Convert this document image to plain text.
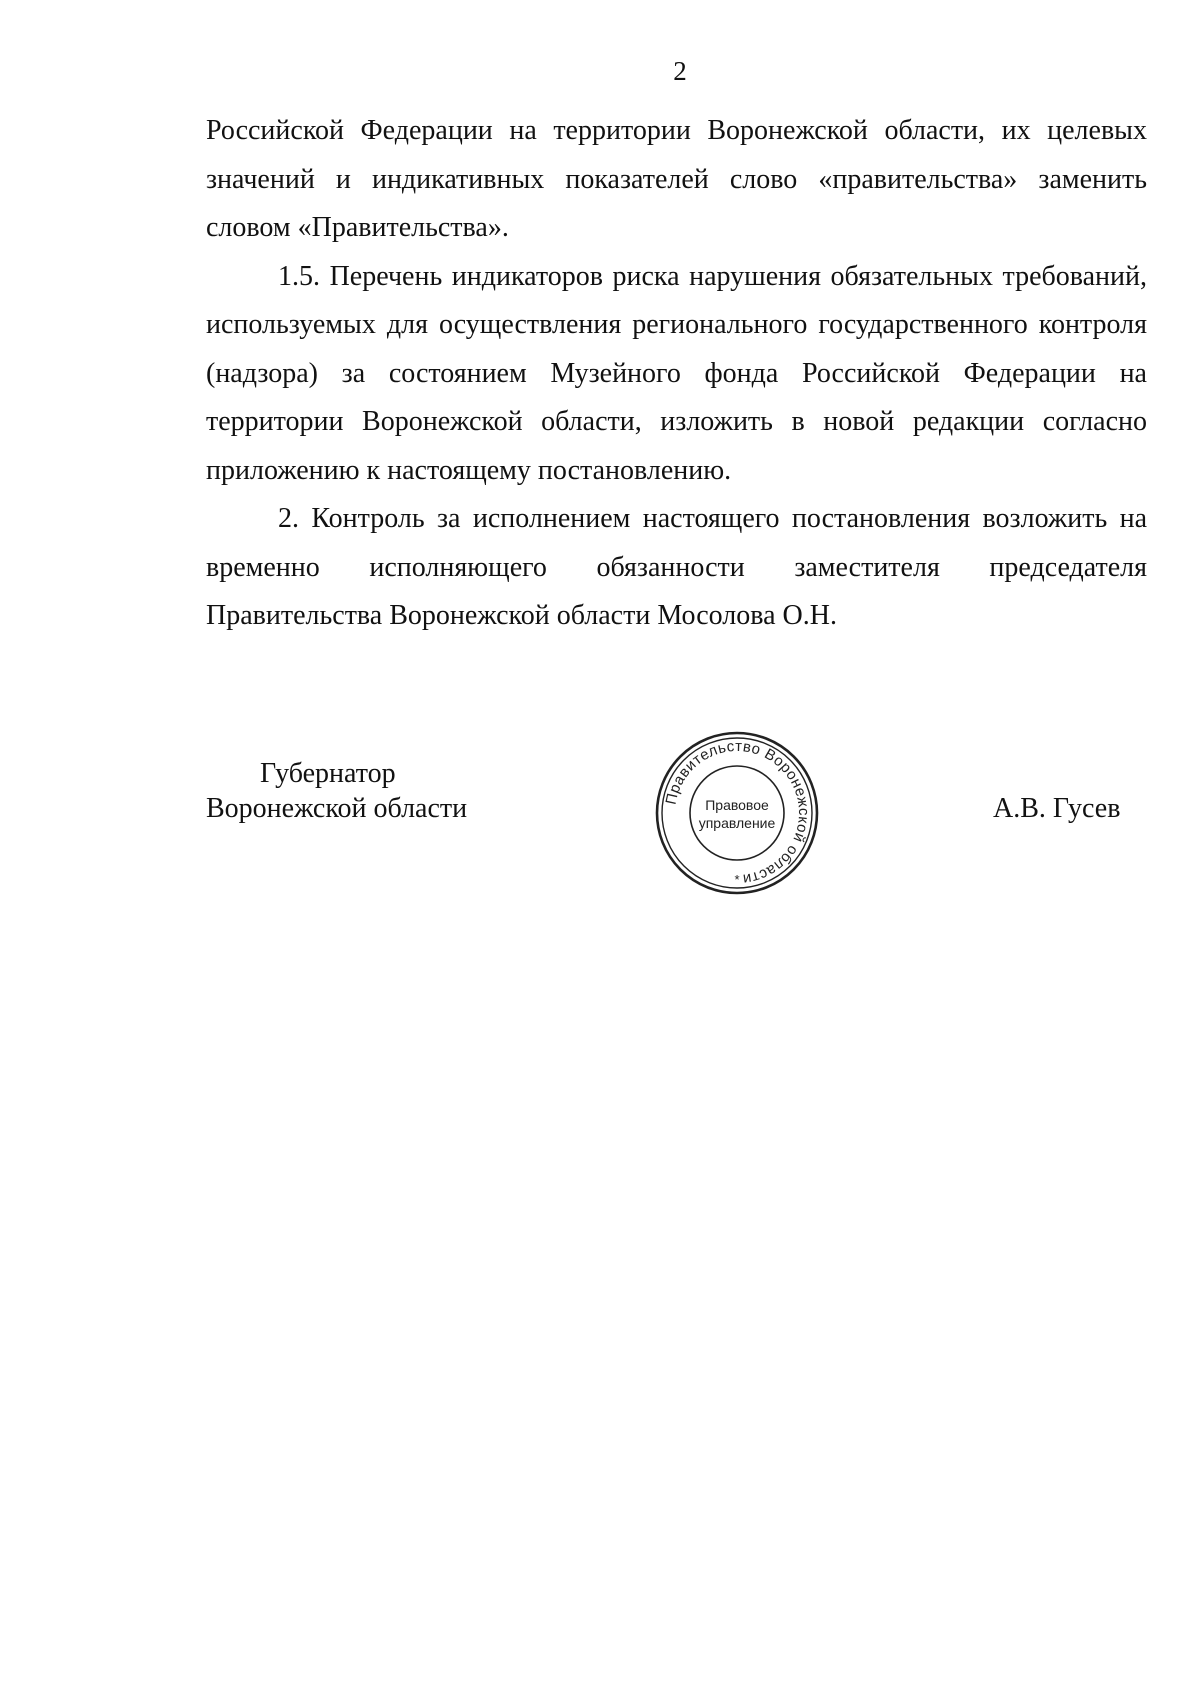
2

Российской Федерации на территории Воронежской области, их целевых значений и индикативных показателей слово «правительства» заменить словом «Правительства».

1.5. Перечень индикаторов риска нарушения обязательных требований, используемых для осуществления регионального государственного контроля (надзора) за состоянием Музейного фонда Российской Федерации на территории Воронежской области, изложить в новой редакции согласно приложению к настоящему постановлению.

2. Контроль за исполнением настоящего постановления возложить на временно исполняющего обязанности заместителя председателя Правительства Воронежской области Мосолова О.Н.

Губернатор
Воронежской области	Правительство Воронежской области
Правовое
управление
*
А.В. Гусев
